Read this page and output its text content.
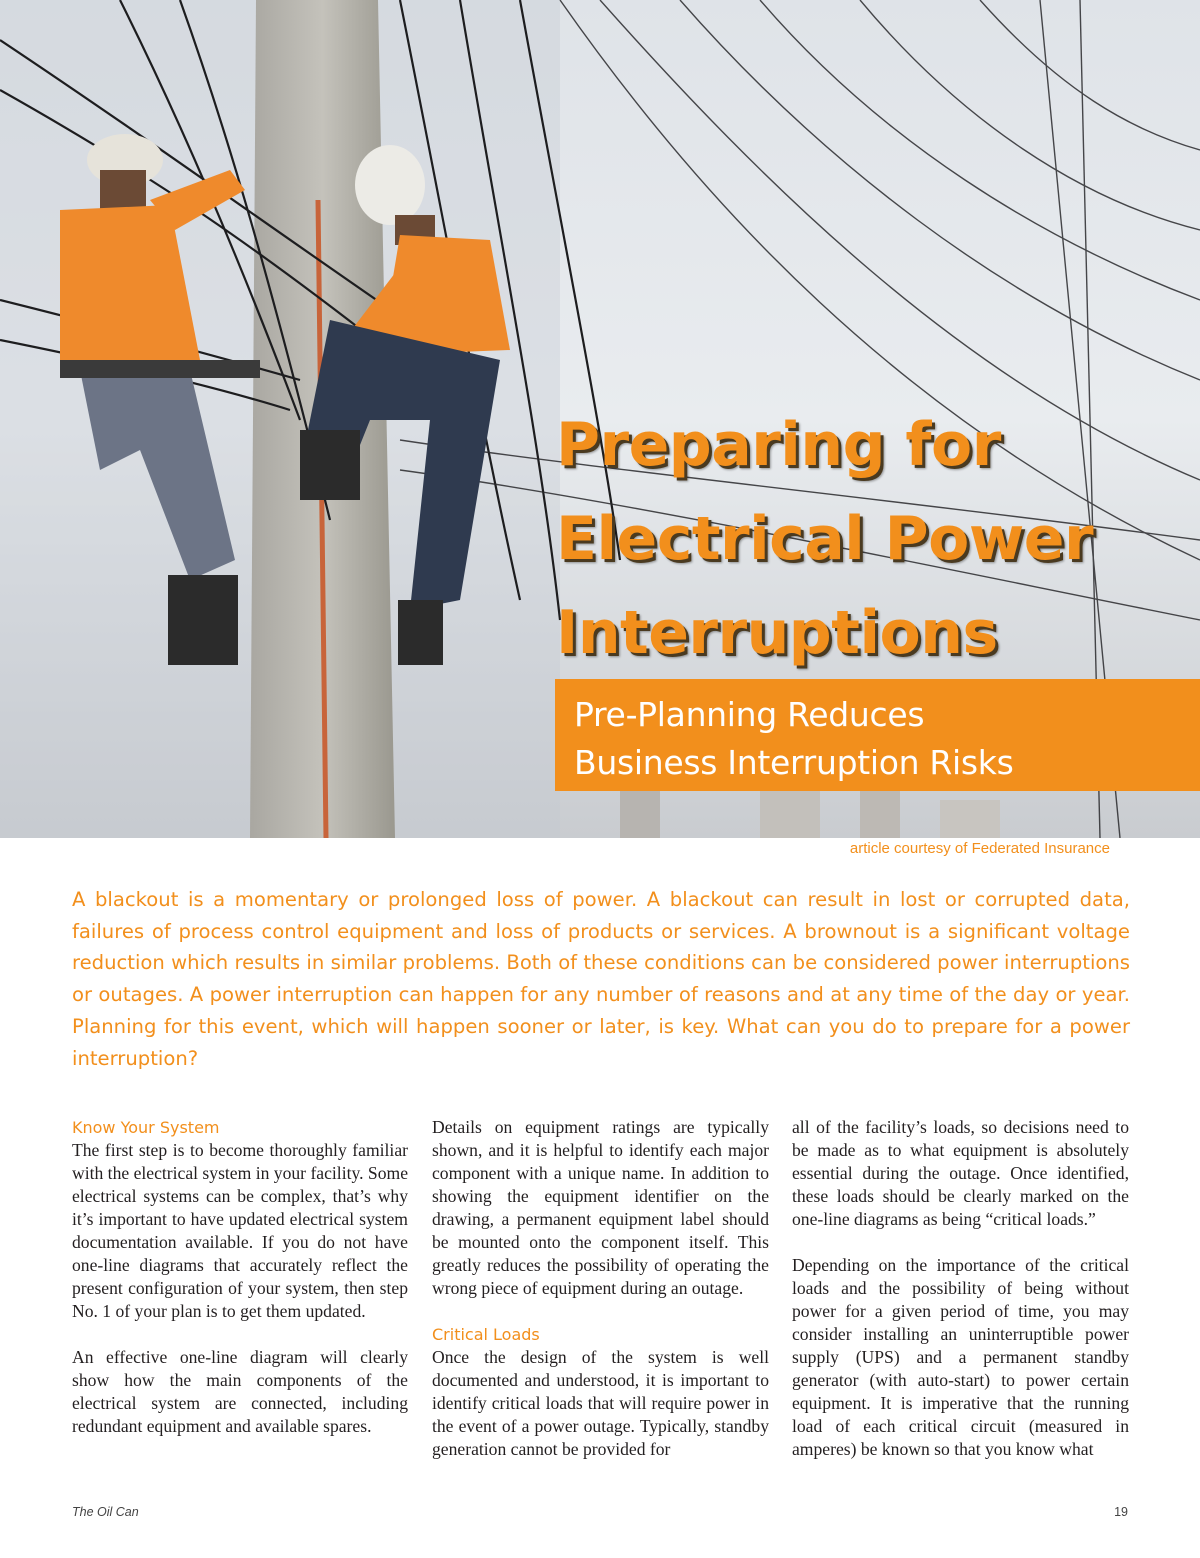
Preparing for
Electrical Power
Interruptions
Pre-Planning Reduces
Business Interruption Risks
article courtesy of Federated Insurance

A blackout is a momentary or prolonged loss of power. A blackout can result in lost or corrupted data, failures of process control equipment and loss of products or services. A brownout is a significant voltage reduction which results in similar problems. Both of these conditions can be considered power interruptions or outages. A power interruption can happen for any number of reasons and at any time of the day or year. Planning for this event, which will happen sooner or later, is key. What can you do to prepare for a power interruption?

Know Your System

The first step is to become thoroughly familiar with the electrical system in your facility. Some electrical systems can be complex, that’s why it’s important to have updated electrical system documentation available. If you do not have one-line diagrams that accurately reflect the present configuration of your system, then step No. 1 of your plan is to get them updated.

An effective one-line diagram will clearly show how the main components of the electrical system are connected, including redundant equipment and available spares.

Details on equipment ratings are typically shown, and it is helpful to identify each major component with a unique name. In addition to showing the equipment identifier on the drawing, a permanent equipment label should be mounted onto the component itself. This greatly reduces the possibility of operating the wrong piece of equipment during an outage.

Critical Loads

Once the design of the system is well documented and understood, it is important to identify critical loads that will require power in the event of a power outage. Typically, standby generation cannot be provided for

all of the facility’s loads, so decisions need to be made as to what equipment is absolutely essential during the outage. Once identified, these loads should be clearly marked on the one-line diagrams as being “critical loads.”

Depending on the importance of the critical loads and the possibility of being without power for a given period of time, you may consider installing an uninterruptible power supply (UPS) and a permanent standby generator (with auto-start) to power certain equipment. It is imperative that the running load of each critical circuit (measured in amperes) be known so that you know what

The Oil Can	19
